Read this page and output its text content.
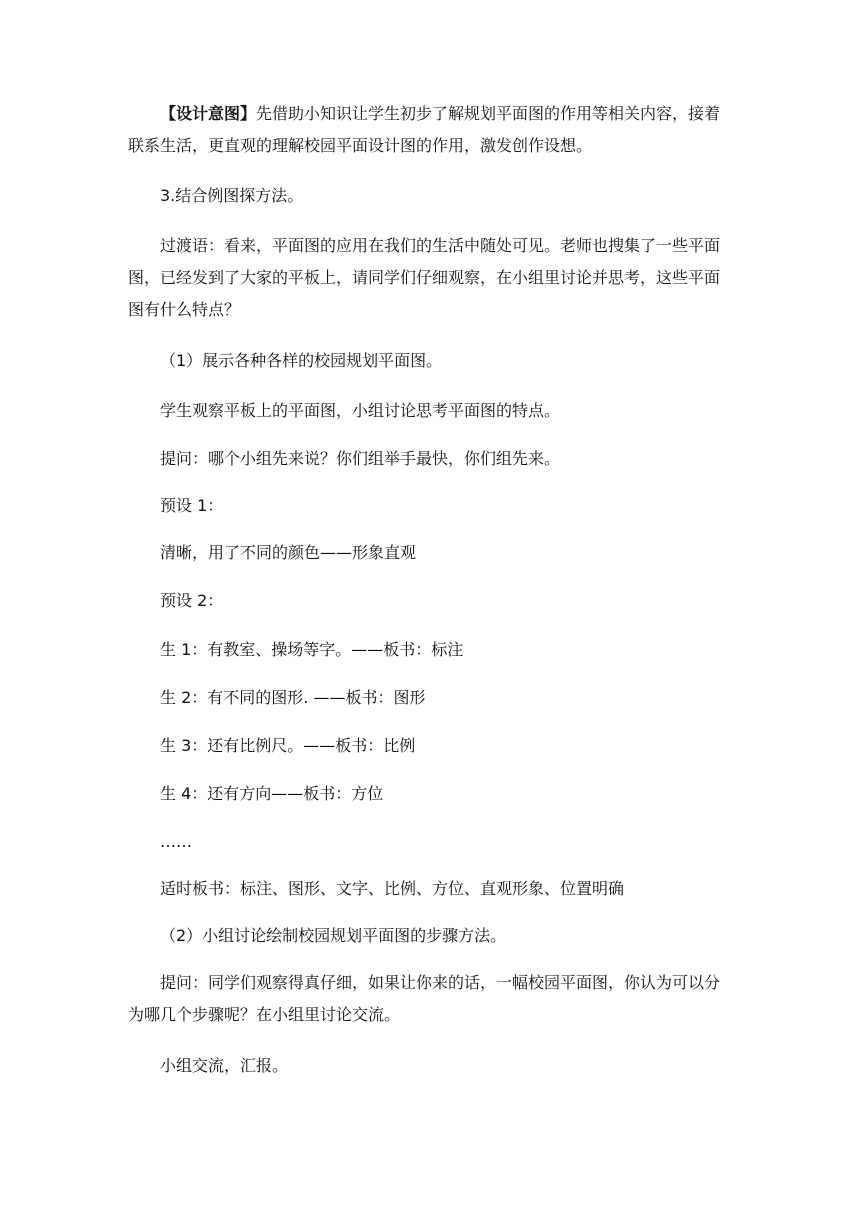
【设计意图】先借助小知识让学生初步了解规划平面图的作用等相关内容，接着联系生活，更直观的理解校园平面设计图的作用，激发创作设想。

3.结合例图探方法。

过渡语：看来，平面图的应用在我们的生活中随处可见。老师也搜集了一些平面图，已经发到了大家的平板上，请同学们仔细观察，在小组里讨论并思考，这些平面图有什么特点？

（1）展示各种各样的校园规划平面图。

学生观察平板上的平面图，小组讨论思考平面图的特点。

提问：哪个小组先来说？你们组举手最快，你们组先来。

预设 1：

清晰，用了不同的颜色——形象直观

预设 2：

生 1：有教室、操场等字。——板书：标注

生 2：有不同的图形. ——板书：图形

生 3：还有比例尺。——板书：比例

生 4：还有方向——板书：方位

……

适时板书：标注、图形、文字、比例、方位、直观形象、位置明确

（2）小组讨论绘制校园规划平面图的步骤方法。

提问：同学们观察得真仔细，如果让你来的话，一幅校园平面图，你认为可以分为哪几个步骤呢？在小组里讨论交流。

小组交流，汇报。
